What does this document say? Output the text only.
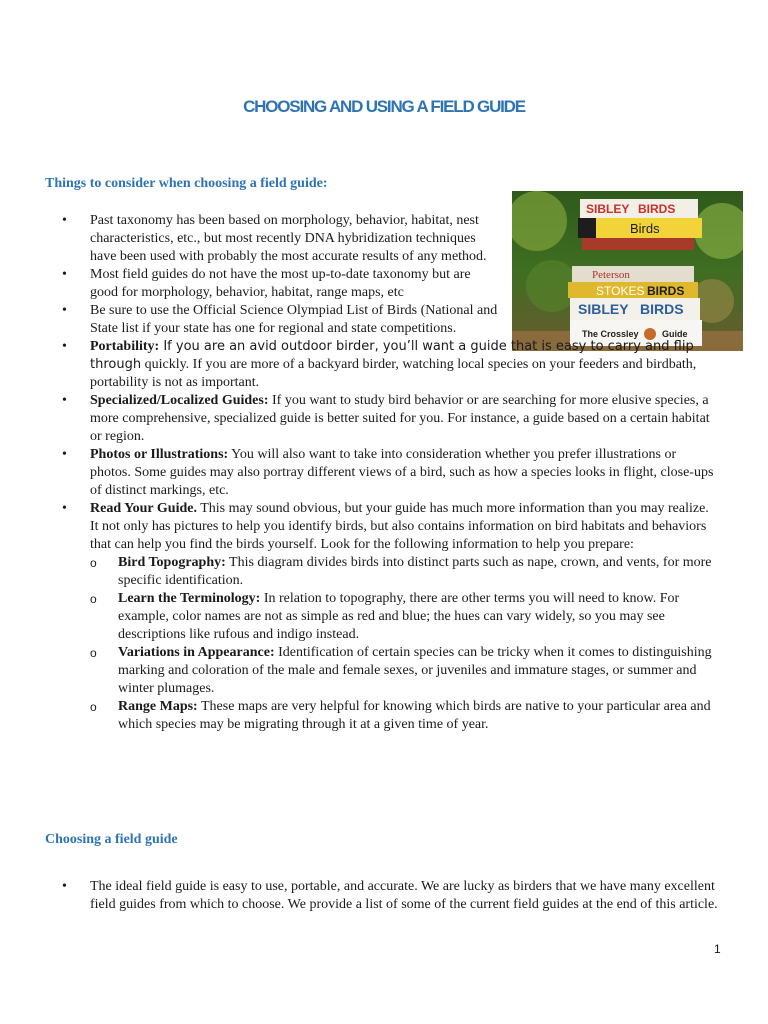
CHOOSING AND USING A FIELD GUIDE
Things to consider when choosing a field guide:
SIBLEY BIRDS
Birds
Peterson
STOKES BIRDS
SIBLEY BIRDS
The Crossley	Guide
• Past taxonomy has been based on morphology, behavior, habitat, nest characteristics, etc., but most recently DNA hybridization techniques have been used with probably the most accurate results of any method.
• Most field guides do not have the most up-to-date taxonomy but are good for morphology, behavior, habitat, range maps, etc
• Be sure to use the Official Science Olympiad List of Birds (National and State list if your state has one for regional and state competitions.
• Portability: If you are an avid outdoor birder, you’ll want a guide that is easy to carry and flip through quickly. If you are more of a backyard birder, watching local species on your feeders and birdbath, portability is not as important.
• Specialized/Localized Guides: If you want to study bird behavior or are searching for more elusive species, a more comprehensive, specialized guide is better suited for you. For instance, a guide based on a certain habitat or region.
• Photos or Illustrations: You will also want to take into consideration whether you prefer illustrations or photos. Some guides may also portray different views of a bird, such as how a species looks in flight, close-ups of distinct markings, etc.
• Read Your Guide. This may sound obvious, but your guide has much more information than you may realize. It not only has pictures to help you identify birds, but also contains information on bird habitats and behaviors that can help you find the birds yourself. Look for the following information to help you prepare:
o Bird Topography: This diagram divides birds into distinct parts such as nape, crown, and vents, for more specific identification.
o Learn the Terminology: In relation to topography, there are other terms you will need to know. For example, color names are not as simple as red and blue; the hues can vary widely, so you may see descriptions like rufous and indigo instead.
o Variations in Appearance: Identification of certain species can be tricky when it comes to distinguishing marking and coloration of the male and female sexes, or juveniles and immature stages, or summer and winter plumages.
o Range Maps: These maps are very helpful for knowing which birds are native to your particular area and which species may be migrating through it at a given time of year.
Choosing a field guide
• The ideal field guide is easy to use, portable, and accurate. We are lucky as birders that we have many excellent field guides from which to choose. We provide a list of some of the current field guides at the end of this article.
1
